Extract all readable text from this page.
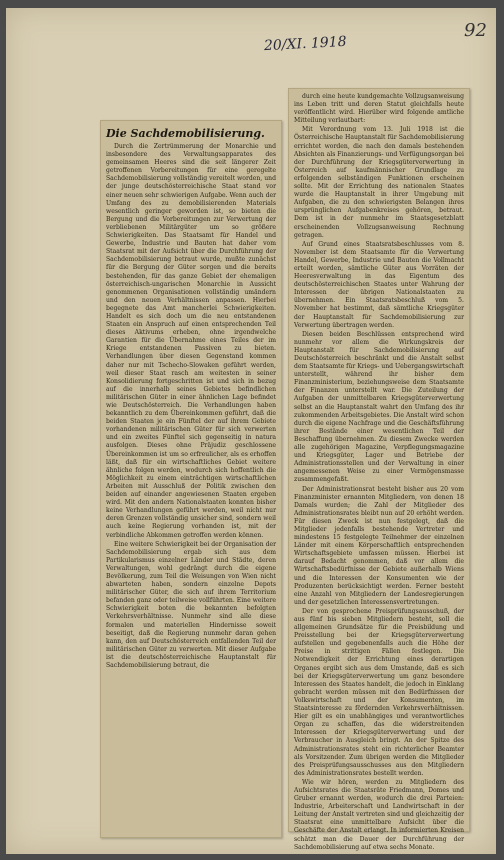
20/XI. 1918
92
Die Sachdemobilisierung.

Durch die Zertrümmerung der Monarchie und insbesondere des Verwaltungsapparates des gemeinsamen Heeres sind die seit längerer Zeit getroffenen Vorbereitungen für eine geregelte Sachdemobilisierung vollständig vereitelt worden, und der junge deutschösterreichische Staat stand vor einer neuen sehr schwierigen Aufgabe. Wenn auch der Umfang des zu demobilisierenden Materials wesentlich geringer geworden ist, so bieten die Bergung und die Vorbereitungen zur Verwertung der verbliebenen Militärgüter um so größere Schwierigkeiten. Das Staatsamt für Handel und Gewerbe, Industrie und Bauten hat daher vom Staatsrat mit der Aufsicht über die Durchführung der Sachdemobilisierung betraut wurde, mußte zunächst für die Bergung der Güter sorgen und die bereits bestehenden, für das ganze Gebiet der ehemaligen österreichisch-ungarischen Monarchie in Aussicht genommenen Organisationen vollständig umändern und den neuen Verhältnissen anpassen. Hierbei begegnete das Amt mancherlei Schwierigkeiten. Handelt es sich doch um die neu entstandenen Staaten ein Anspruch auf einen entsprechenden Teil dieses Aktivums erheben, ohne irgendwelche Garantien für die Übernahme eines Teiles der im Kriege entstandenen Passiven zu bieten. Verhandlungen über diesen Gegenstand kommen daher nur mit Tschecho-Slowaken geführt werden, weil dieser Staat rasch am weitesten in seiner Konsolidierung fortgeschritten ist und sich in bezug auf die innerhalb seines Gebietes befindlichen militärischen Güter in einer ähnlichen Lage befindet wie Deutschösterreich. Die Verhandlungen haben bekanntlich zu dem Übereinkommen geführt, daß die beiden Staaten je ein Fünftel der auf ihrem Gebiete vorhandenen militärischen Güter für sich verwerten und ein zweites Fünftel sich gegenseitig in natura ausfolgen. Dieses ohne Präjudiz geschlossene Übereinkommen ist um so erfreulicher, als es erhoffen läßt, daß für ein wirtschaftliches Gebiet weitere ähnliche folgen werden, wodurch sich hoffentlich die Möglichkeit zu einem einträchtigen wirtschaftlichen Arbeiten mit Ausschluß der Politik zwischen den beiden auf einander angewiesenen Staaten ergeben wird. Mit den andern Nationalstaaten konnten bisher keine Verhandlungen geführt werden, weil nicht nur deren Grenzen vollständig unsicher sind, sondern weil auch keine Regierung vorhanden ist, mit der verbindliche Abkommen getroffen werden können.

Eine weitere Schwierigkeit bei der Organisation der Sachdemobilisierung ergab sich aus dem Partikularismus einzelner Länder und Städte, deren Verwaltungen, wohl gedrängt durch die eigene Bevölkerung, zum Teil die Weisungen von Wien nicht abwarteten haben, sondern einzelne Depots militärischer Güter, die sich auf ihrem Territorium befanden ganz oder teilweise vollführten. Eine weitere Schwierigkeit boten die bekannten befolgten Verkehrsverhältnisse. Nunmehr sind alle diese formalen und materiellen Hindernisse soweit beseitigt, daß die Regierung nunmehr daran gehen kann, den auf Deutschösterreich entfallenden Teil der militärischen Güter zu verwerten. Mit dieser Aufgabe ist die deutschösterreichische Hauptanstalt für Sachdemobilisierung betraut, die

durch eine heute kundgemachte Vollzugsanweisung ins Leben tritt und deren Statut gleichfalls heute veröffentlicht wird. Hierüber wird folgende amtliche Mitteilung verlautbart:

Mit Verordnung vom 13. Juli 1918 ist die Österreichische Hauptanstalt für Sachdemobilisierung errichtet worden, die nach den damals bestehenden Absichten als Finanzierungs- und Verfügungsorgan bei der Durchführung der Kriegsgüterverwertung in Österreich auf kaufmännischer Grundlage zu erfolgenden selbständigen Funktionen erscheinen sollte. Mit der Errichtung des nationalen Staates wurde die Hauptanstalt in ihrer Umgebung mit Aufgaben, die zu den schwierigsten Belangen ihres ursprünglichen Aufgabenkreises gehören, betraut. Dem ist in der nunmehr im Staatsgesetzblatt erscheinenden Vollzugsanweisung Rechnung getragen.

Auf Grund eines Staatsratsbeschlusses vom 8. November ist dem Staatsamte für die Verwertung Handel, Gewerbe, Industrie und Bauten die Vollmacht erteilt worden, sämtliche Güter aus Vorräten der Heeresverwaltung in das Eigentum des deutschösterreichischen Staates unter Wahrung der Interessen der übrigen Nationalstaaten zu übernehmen. Ein Staatsratsbeschluß vom 5. November hat bestimmt, daß sämtliche Kriegsgüter der Hauptanstalt für Sachdemobilisierung zur Verwertung übertragen werden.

Diesen beiden Beschlüssen entsprechend wird nunmehr vor allem die Wirkungskreis der Hauptanstalt für Sachdemobilisierung auf Deutschösterreich beschränkt und die Anstalt selbst dem Staatsamte für Kriegs- und Uebergangswirtschaft unterstellt, während ihr bisher dem Finanzministerium, beziehungsweise dem Staatsamte der Finanzen unterstellt war. Die Zuteilung der Aufgaben der unmittelbaren Kriegsgüterverwertung selbst an die Hauptanstalt wahrt den Umfang des ihr zukommenden Arbeitsgebietes. Die Anstalt wird schon durch die eigene Nachfrage und die Geschäftsführung ihrer Bestände einer wesentlichen Teil der Beschaffung übernehmen. Zu diesem Zwecke werden alle zugehörigen Magazine, Verpflegungsmagazine und Kriegsgüter, Lager und Betriebe der Administrationsstellen und der Verwaltung in einer angemessenen Weise zu einer Vermögensmasse zusammengefaßt.

Der Administrationsrat besteht bisher aus 20 vom Finanzminister ernannten Mitgliedern, von denen 18 Damals wurden; die Zahl der Mitglieder des Administrationsrates bleibt nun auf 20 erhöht werden. Für diesen Zweck ist nun festgelegt, daß die Mitglieder jedenfalls bestehende Vertreter und mindestens 15 festgelegte Teilnehmer der einzelnen Länder mit einem Körperschaftlich entsprechenden Wirtschaftsgebiete umfassen müssen. Hierbei ist darauf Bedacht genommen, daß vor allem die Wirtschaftsbedürfnisse der Gebiete außerhalb Wiens und die Interessen der Konsumenten wie der Produzenten berücksichtigt werden. Ferner besteht eine Anzahl von Mitgliedern der Landesregierungen und der gesetzlichen Interessensvertretungen.

Der von gesprochene Preisprüfungsausschuß, der aus fünf bis sieben Mitgliedern besteht, soll die allgemeinen Grundsätze für die Preisbildung und Preisstellung bei der Kriegsgüterverwertung aufstellen und gegebenenfalls auch die Höhe der Preise in strittigen Fällen festlegen. Die Notwendigkeit der Errichtung eines derartigen Organes ergibt sich aus dem Umstande, daß es sich bei der Kriegsgüterverwertung um ganz besondere Interessen des Staates handelt, die jedoch in Einklang gebracht werden müssen mit den Bedürfnissen der Volkswirtschaft und der Konsumenten, im Staatsinteresse zu fördernden Verkehrsverhältnissen. Hier gilt es ein unabhängiges und verantwortliches Organ zu schaffen, das die widerstreitenden Interessen der Kriegsgüterverwertung und der Verbraucher in Ausgleich bringt. An der Spitze des Administrationsrates steht ein richterlicher Beamter als Vorsitzender. Zum übrigen werden die Mitglieder des Preisprüfungsausschusses aus den Mitgliedern des Administrationsrates bestellt werden.

Wie wir hören, werden zu Mitgliedern des Aufsichtsrates die Staatsräte Friedmann, Domes und Gruber ernannt werden, wodurch die drei Parteien: Industrie, Arbeiterschaft und Landwirtschaft in der Leitung der Anstalt vertreten sind und gleichzeitig der Staatsrat eine unmittelbare Aufsicht über die Geschäfte der Anstalt erlangt. In informierten Kreisen schätzt man die Dauer der Durchführung der Sachdemobilisierung auf etwa sechs Monate.
